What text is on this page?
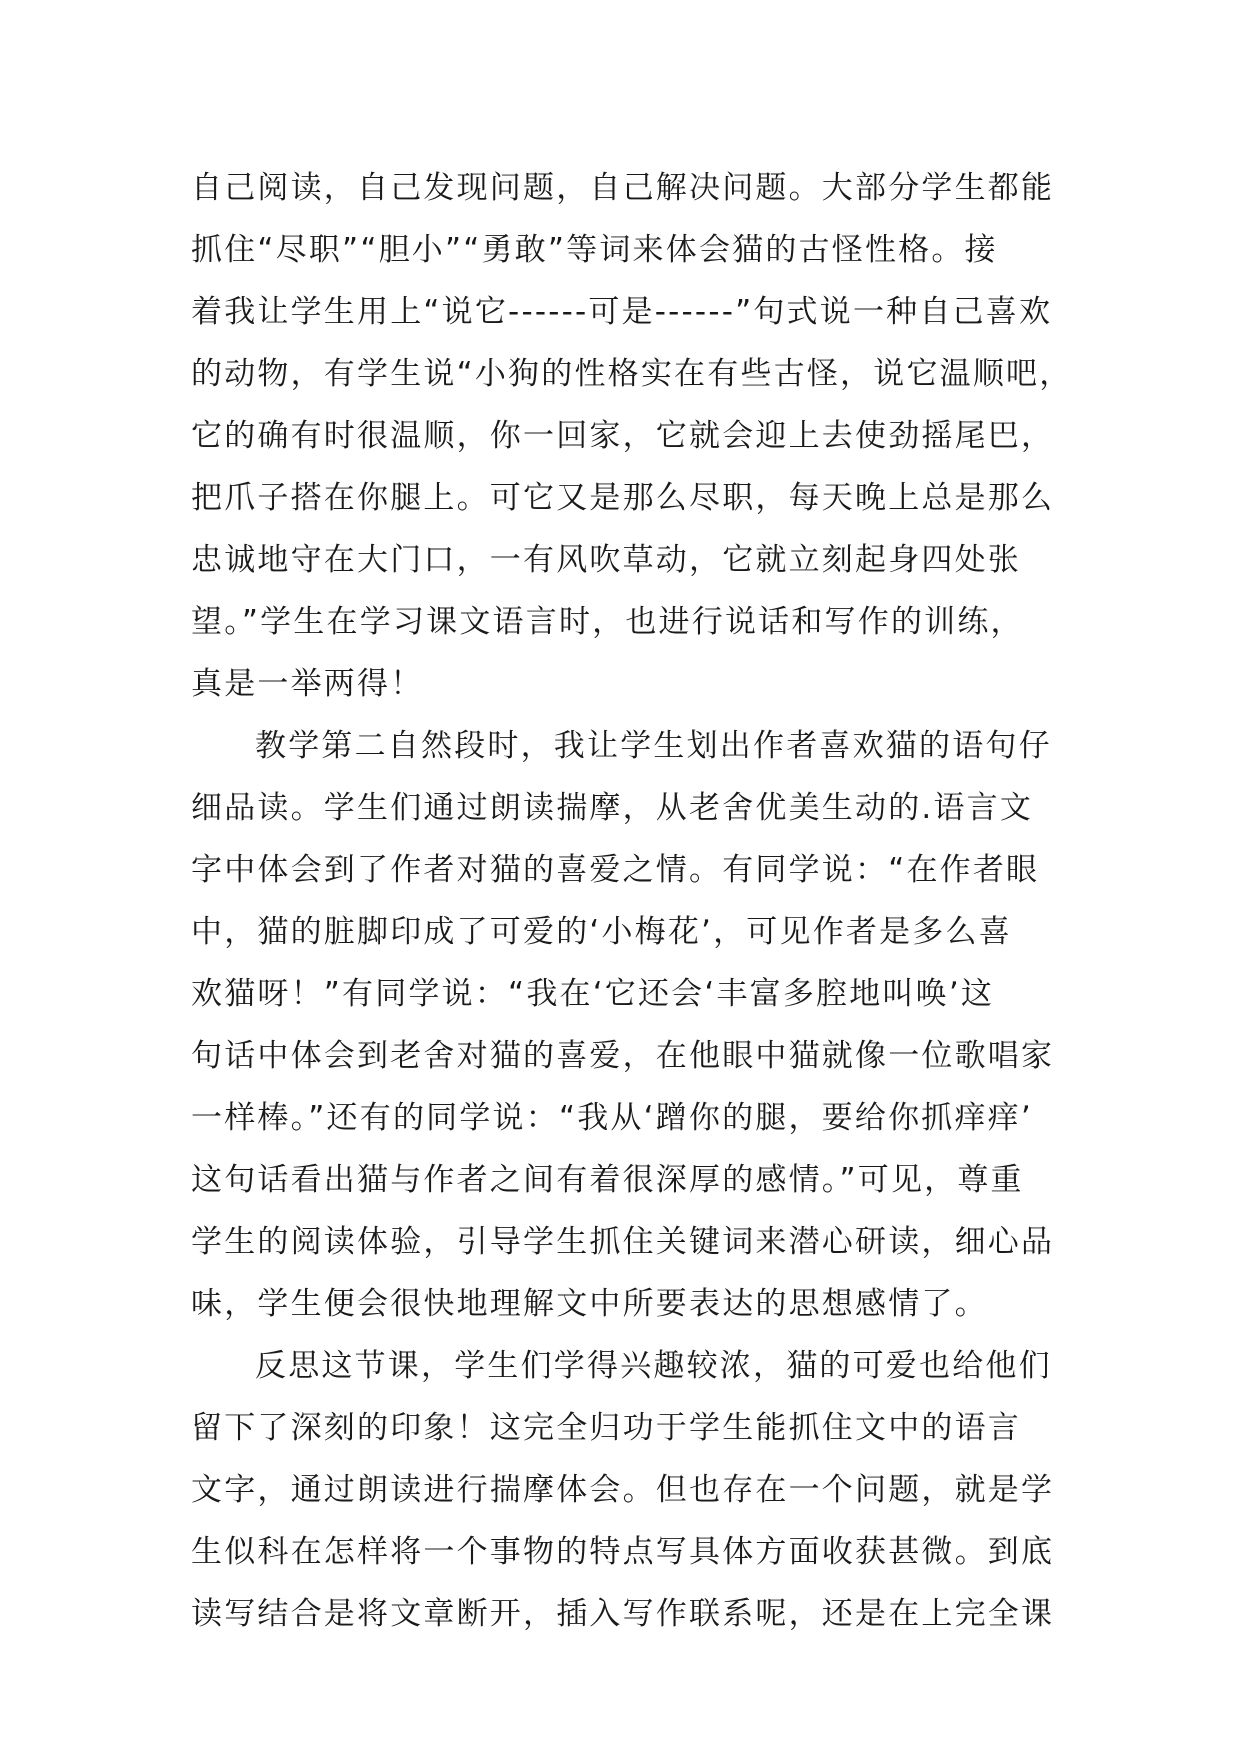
自己阅读，自己发现问题，自己解决问题。大部分学生都能
抓住“尽职”“胆小”“勇敢”等词来体会猫的古怪性格。接
着我让学生用上“说它------可是------”句式说一种自己喜欢
的动物，有学生说“小狗的性格实在有些古怪，说它温顺吧，
它的确有时很温顺，你一回家，它就会迎上去使劲摇尾巴，
把爪子搭在你腿上。可它又是那么尽职，每天晚上总是那么
忠诚地守在大门口，一有风吹草动，它就立刻起身四处张
望。”学生在学习课文语言时，也进行说话和写作的训练，
真是一举两得！
教学第二自然段时，我让学生划出作者喜欢猫的语句仔
细品读。学生们通过朗读揣摩，从老舍优美生动的.语言文
字中体会到了作者对猫的喜爱之情。有同学说：“在作者眼
中，猫的脏脚印成了可爱的‘小梅花’，可见作者是多么喜
欢猫呀！”有同学说：“我在‘它还会‘丰富多腔地叫唤’这
句话中体会到老舍对猫的喜爱，在他眼中猫就像一位歌唱家
一样棒。”还有的同学说：“我从‘蹭你的腿，要给你抓痒痒’
这句话看出猫与作者之间有着很深厚的感情。”可见，尊重
学生的阅读体验，引导学生抓住关键词来潜心研读，细心品
味，学生便会很快地理解文中所要表达的思想感情了。
反思这节课，学生们学得兴趣较浓，猫的可爱也给他们
留下了深刻的印象！这完全归功于学生能抓住文中的语言
文字，通过朗读进行揣摩体会。但也存在一个问题，就是学
生似科在怎样将一个事物的特点写具体方面收获甚微。到底
读写结合是将文章断开，插入写作联系呢，还是在上完全课
